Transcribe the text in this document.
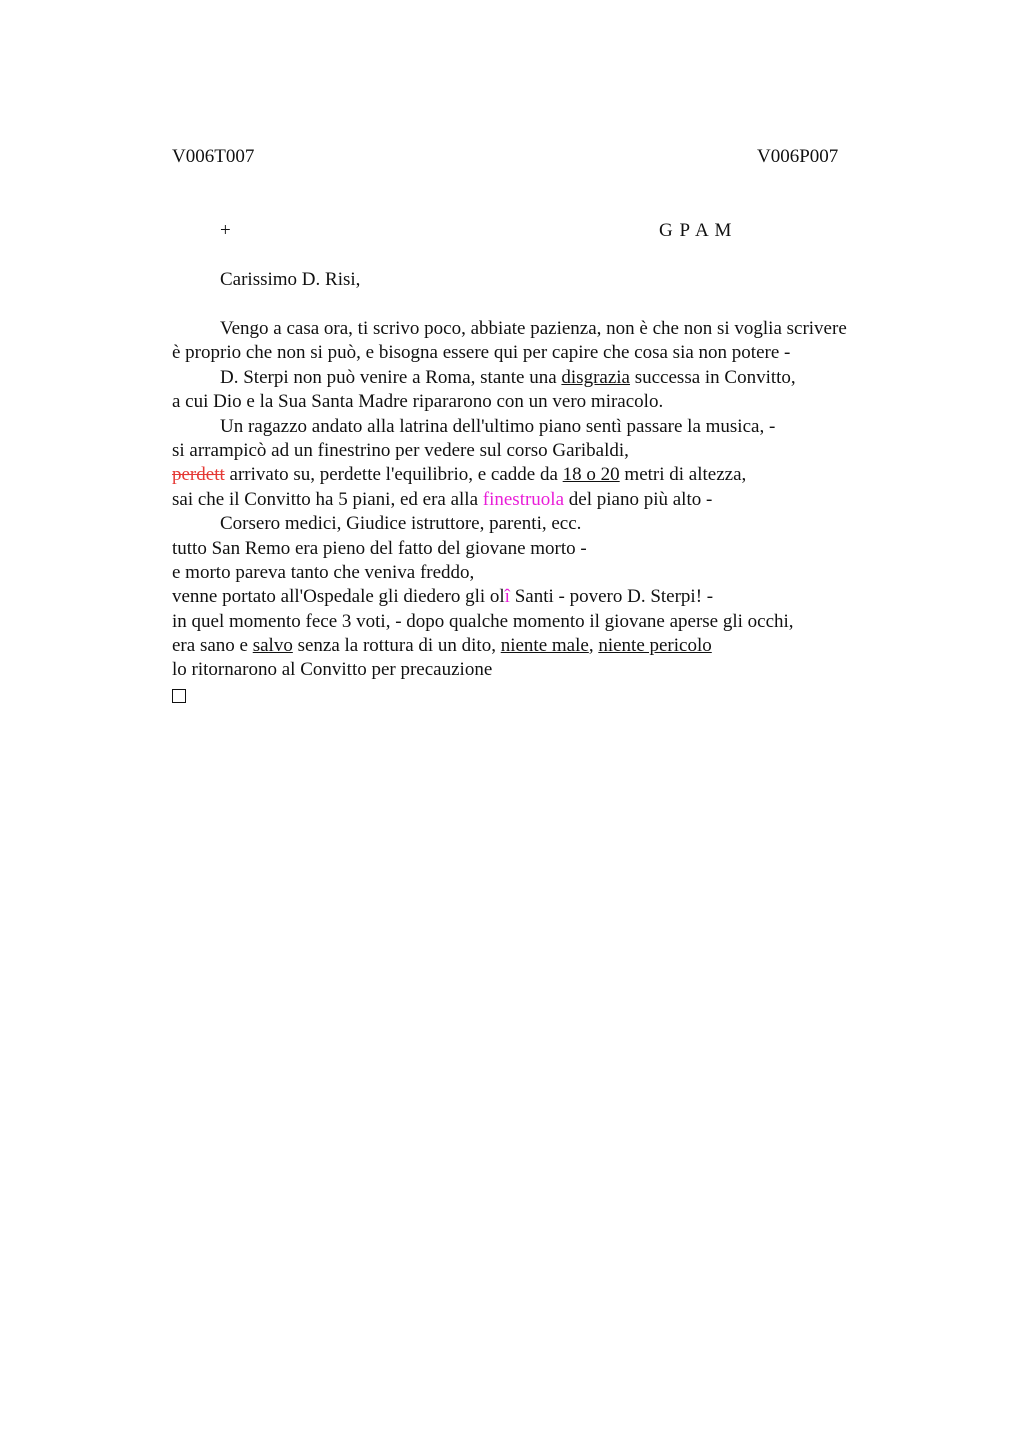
V006T007	V006P007
+	G P A M
Carissimo D. Risi,
Vengo a casa ora, ti scrivo poco, abbiate pazienza, non è che non si voglia scrivere
è proprio che non si può, e bisogna essere qui per capire che cosa sia non potere -
D. Sterpi non può venire a Roma, stante una disgrazia successa in Convitto,
a cui Dio e la Sua Santa Madre ripararono con un vero miracolo.
Un ragazzo andato alla latrina dell'ultimo piano sentì passare la musica, -
si arrampicò ad un finestrino per vedere sul corso Garibaldi,
perdett arrivato su, perdette l'equilibrio, e cadde da 18 o 20 metri di altezza,
sai che il Convitto ha 5 piani, ed era alla finestruola del piano più alto -
Corsero medici, Giudice istruttore, parenti, ecc.
tutto San Remo era pieno del fatto del giovane morto -
e morto pareva tanto che veniva freddo,
venne portato all'Ospedale gli diedero gli olî Santi - povero D. Sterpi! -
in quel momento fece 3 voti, - dopo qualche momento il giovane aperse gli occhi,
era sano e salvo senza la rottura di un dito, niente male, niente pericolo
lo ritornarono al Convitto per precauzione
